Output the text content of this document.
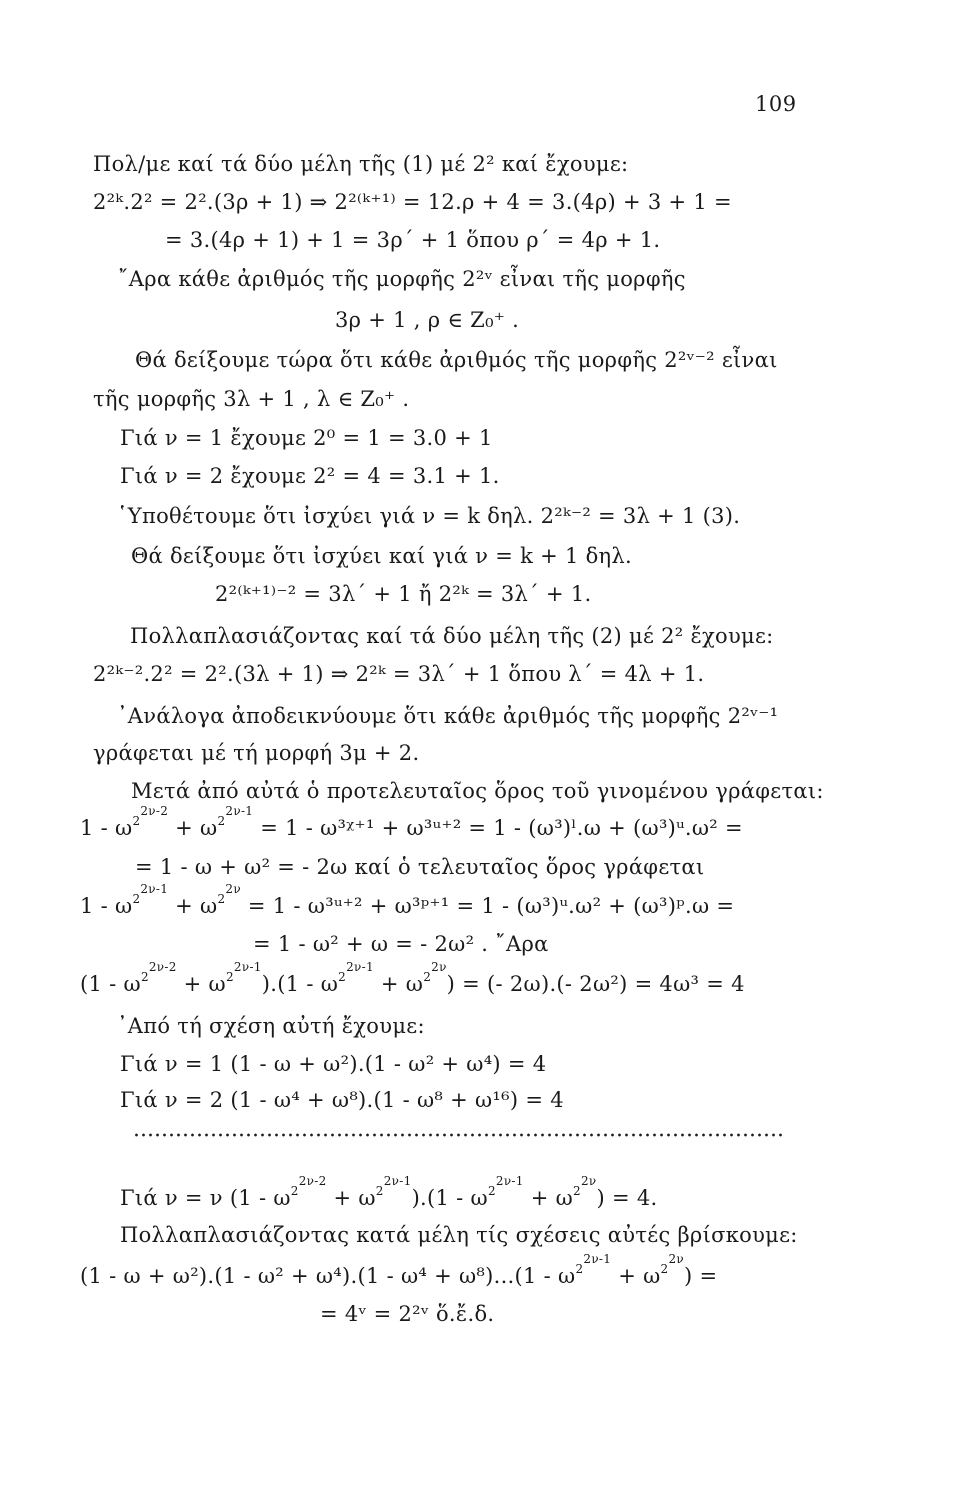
109
Πολ/με καί τά δύο μέλη τῆς (1) μέ 2² καί ἔχουμε:
2²ᵏ.2² = 2².(3ρ + 1) ⇒ 2²⁽ᵏ⁺¹⁾ = 12.ρ + 4 = 3.(4ρ) + 3 + 1 =
= 3.(4ρ + 1) + 1 = 3ρ΄ + 1 ὅπου ρ΄ = 4ρ + 1.
῎Αρα κάθε ἀριθμός τῆς μορφῆς 2²ᵛ εἶναι τῆς μορφῆς
3ρ + 1 , ρ ∈ Z₀⁺ .
Θά δείξουμε τώρα ὅτι κάθε ἀριθμός τῆς μορφῆς 2²ᵛ⁻² εἶναι
τῆς μορφῆς 3λ + 1 , λ ∈ Z₀⁺ .
Γιά ν = 1 ἔχουμε 2⁰ = 1 = 3.0 + 1
Γιά ν = 2 ἔχουμε 2² = 4 = 3.1 + 1.
῾Υποθέτουμε ὅτι ἰσχύει γιά ν = k δηλ. 2²ᵏ⁻² = 3λ + 1 (3).
Θά δείξουμε ὅτι ἰσχύει καί γιά ν = k + 1 δηλ.
2²⁽ᵏ⁺¹⁾⁻² = 3λ΄ + 1 ἤ 2²ᵏ = 3λ΄ + 1.
Πολλαπλασιάζοντας καί τά δύο μέλη τῆς (2) μέ 2² ἔχουμε:
2²ᵏ⁻².2² = 2².(3λ + 1) ⇒ 2²ᵏ = 3λ΄ + 1 ὅπου λ΄ = 4λ + 1.
᾿Ανάλογα ἀποδεικνύουμε ὅτι κάθε ἀριθμός τῆς μορφῆς 2²ᵛ⁻¹
γράφεται μέ τή μορφή 3μ + 2.
Μετά ἀπό αὐτά ὁ προτελευταῖος ὅρος τοῦ γινομένου γράφεται:
$1 - \omega^{2^{2\nu-2}} + \omega^{2^{2\nu-1}} = 1$ - ω³ᵡ⁺¹ + ω³ᵘ⁺² = 1 - (ω³)ˡ.ω + (ω³)ᵘ.ω² =
= 1 - ω + ω² = - 2ω καί ὁ τελευταῖος ὅρος γράφεται
$1 - \omega^{2^{2\nu-1}} + \omega^{2^{2\nu}} = 1$ - ω³ᵘ⁺² + ω³ᵖ⁺¹ = 1 - (ω³)ᵘ.ω² + (ω³)ᵖ.ω =
= 1 - ω² + ω = - 2ω² . ῎Αρα
$(1 - \omega^{2^{2\nu-2}} + \omega^{2^{2\nu-1}}).(1 - \omega^{2^{2\nu-1}} + \omega^{2^{2\nu}})$ = (- 2ω).(- 2ω²) = 4ω³ = 4
᾿Από τή σχέση αὐτή ἔχουμε:
Γιά ν = 1 (1 - ω + ω²).(1 - ω² + ω⁴) = 4
Γιά ν = 2 (1 - ω⁴ + ω⁸).(1 - ω⁸ + ω¹⁶) = 4
Γιά ν = ν $(1 - \omega^{2^{2\nu-2}} + \omega^{2^{2\nu-1}}).(1 - \omega^{2^{2\nu-1}} + \omega^{2^{2\nu}}) = 4$.
Πολλαπλασιάζοντας κατά μέλη τίς σχέσεις αὐτές βρίσκουμε:
$(1 - \omega + \omega^2).(1 - \omega^2 + \omega^4).(1 - \omega^4 + \omega^8)...(1 - \omega^{2^{2\nu-1}} + \omega^{2^{2\nu}})$ =
= 4ᵛ = 2²ᵛ ὅ.ἔ.δ.
